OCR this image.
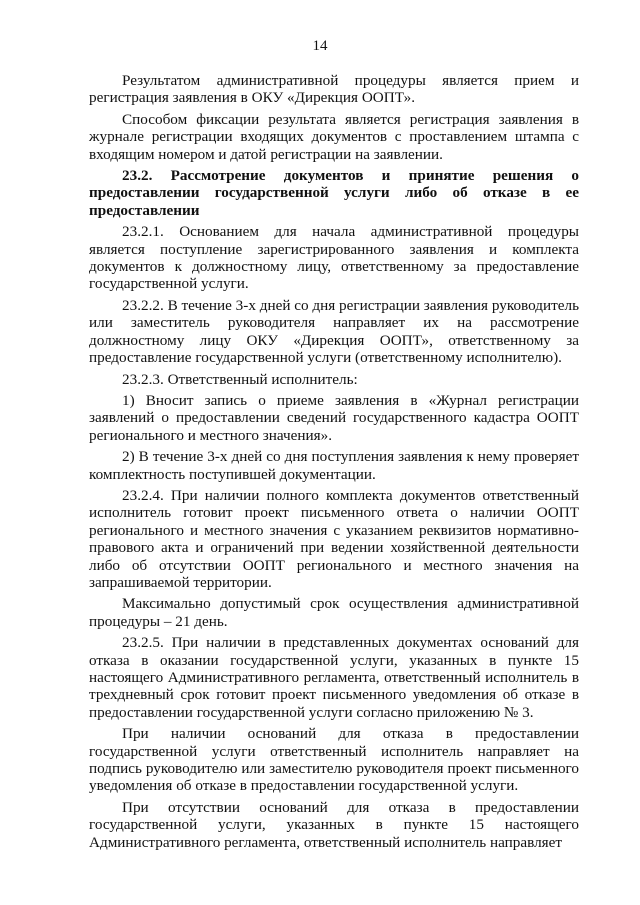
14

Результатом административной процедуры является прием и регистрация заявления в ОКУ «Дирекция ООПТ».

Способом фиксации результата является регистрация заявления в журнале регистрации входящих документов с проставлением штампа с входящим номером и датой регистрации на заявлении.

23.2. Рассмотрение документов и принятие решения о предоставлении государственной услуги либо об отказе в ее предоставлении

23.2.1. Основанием для начала административной процедуры является поступление зарегистрированного заявления и комплекта документов к должностному лицу, ответственному за предоставление государственной услуги.

23.2.2. В течение 3-х дней со дня регистрации заявления руководитель или заместитель руководителя направляет их на рассмотрение должностному лицу ОКУ «Дирекция ООПТ», ответственному за предоставление государственной услуги (ответственному исполнителю).

23.2.3. Ответственный исполнитель:

1) Вносит запись о приеме заявления в «Журнал регистрации заявлений о предоставлении сведений государственного кадастра ООПТ регионального и местного значения».

2) В течение 3-х дней со дня поступления заявления к нему проверяет комплектность поступившей документации.

23.2.4. При наличии полного комплекта документов ответственный исполнитель готовит проект письменного ответа о наличии ООПТ регионального и местного значения с указанием реквизитов нормативно-правового акта и ограничений при ведении хозяйственной деятельности либо об отсутствии ООПТ регионального и местного значения на запрашиваемой территории.

Максимально допустимый срок осуществления административной процедуры – 21 день.

23.2.5. При наличии в представленных документах оснований для отказа в оказании государственной услуги, указанных в пункте 15 настоящего Административного регламента, ответственный исполнитель в трехдневный срок готовит проект письменного уведомления об отказе в предоставлении государственной услуги согласно приложению № 3.

При наличии оснований для отказа в предоставлении государственной услуги ответственный исполнитель направляет на подпись руководителю или заместителю руководителя проект письменного уведомления об отказе в предоставлении государственной услуги.

При отсутствии оснований для отказа в предоставлении государственной услуги, указанных в пункте 15 настоящего Административного регламента, ответственный исполнитель направляет
